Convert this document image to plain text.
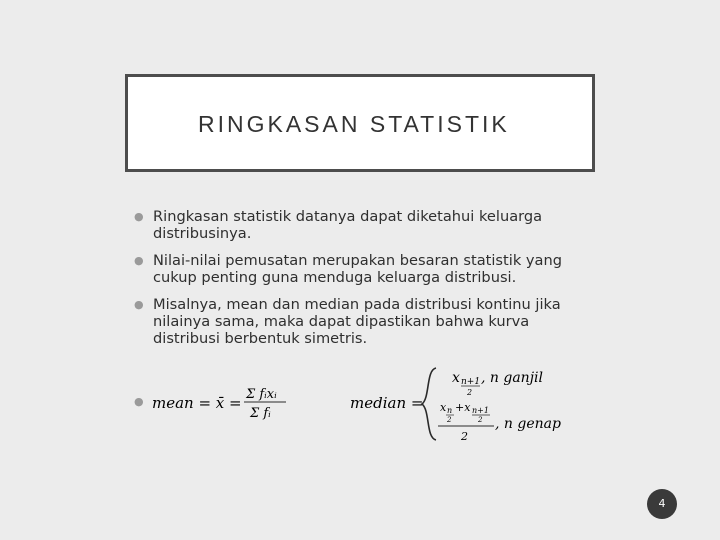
RINGKASAN STATISTIK
● Ringkasan statistik datanya dapat diketahui keluarga distribusinya.
● Nilai-nilai pemusatan merupakan besaran statistik yang cukup penting guna menduga keluarga distribusi.
● Misalnya, mean dan median pada distribusi kontinu jika nilainya sama, maka dapat dipastikan bahwa kurva distribusi berbentuk simetris.
● mean = x̄ = Σ fᵢxᵢ
Σ fᵢ
median =
x n+1
2
, n ganjil
x n
2
+x n+1
2
2
, n genap
4
